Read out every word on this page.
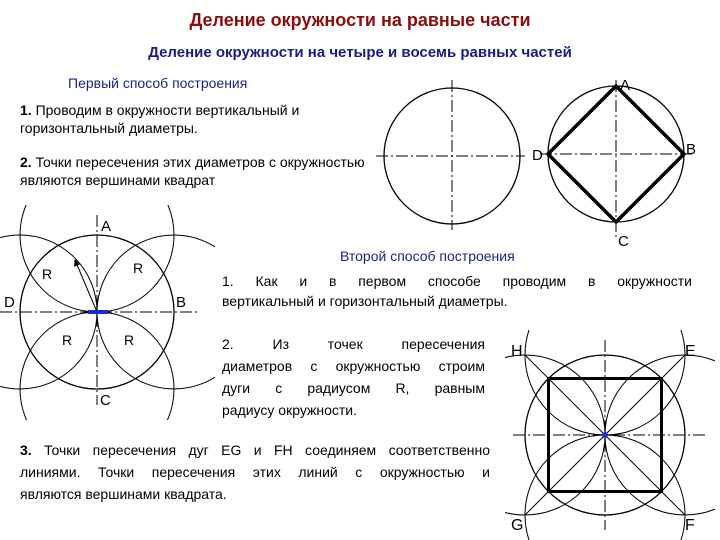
Деление окружности на равные части
Деление окружности на четыре и восемь равных частей
Первый способ построения
1. Проводим в окружности вертикальный и горизонтальный диаметры.
2. Точки пересечения этих диаметров с окружностью являются вершинами квадрат
A
B
C
D
A
B
C
D
R	R
R	R
Второй способ построения
1. Как и в первом способе проводим в окружности
вертикальный и горизонтальный диаметры.
2.	Из точек пересечения
диаметров с окружностью строим
дуги с радиусом R, равным
радиусу окружности.
3. Точки пересечения дуг EG и FH соединяем соответственно
линиями. Точки пересечения этих линий с окружностью и
являются вершинами квадрата.
H	E
G	F
